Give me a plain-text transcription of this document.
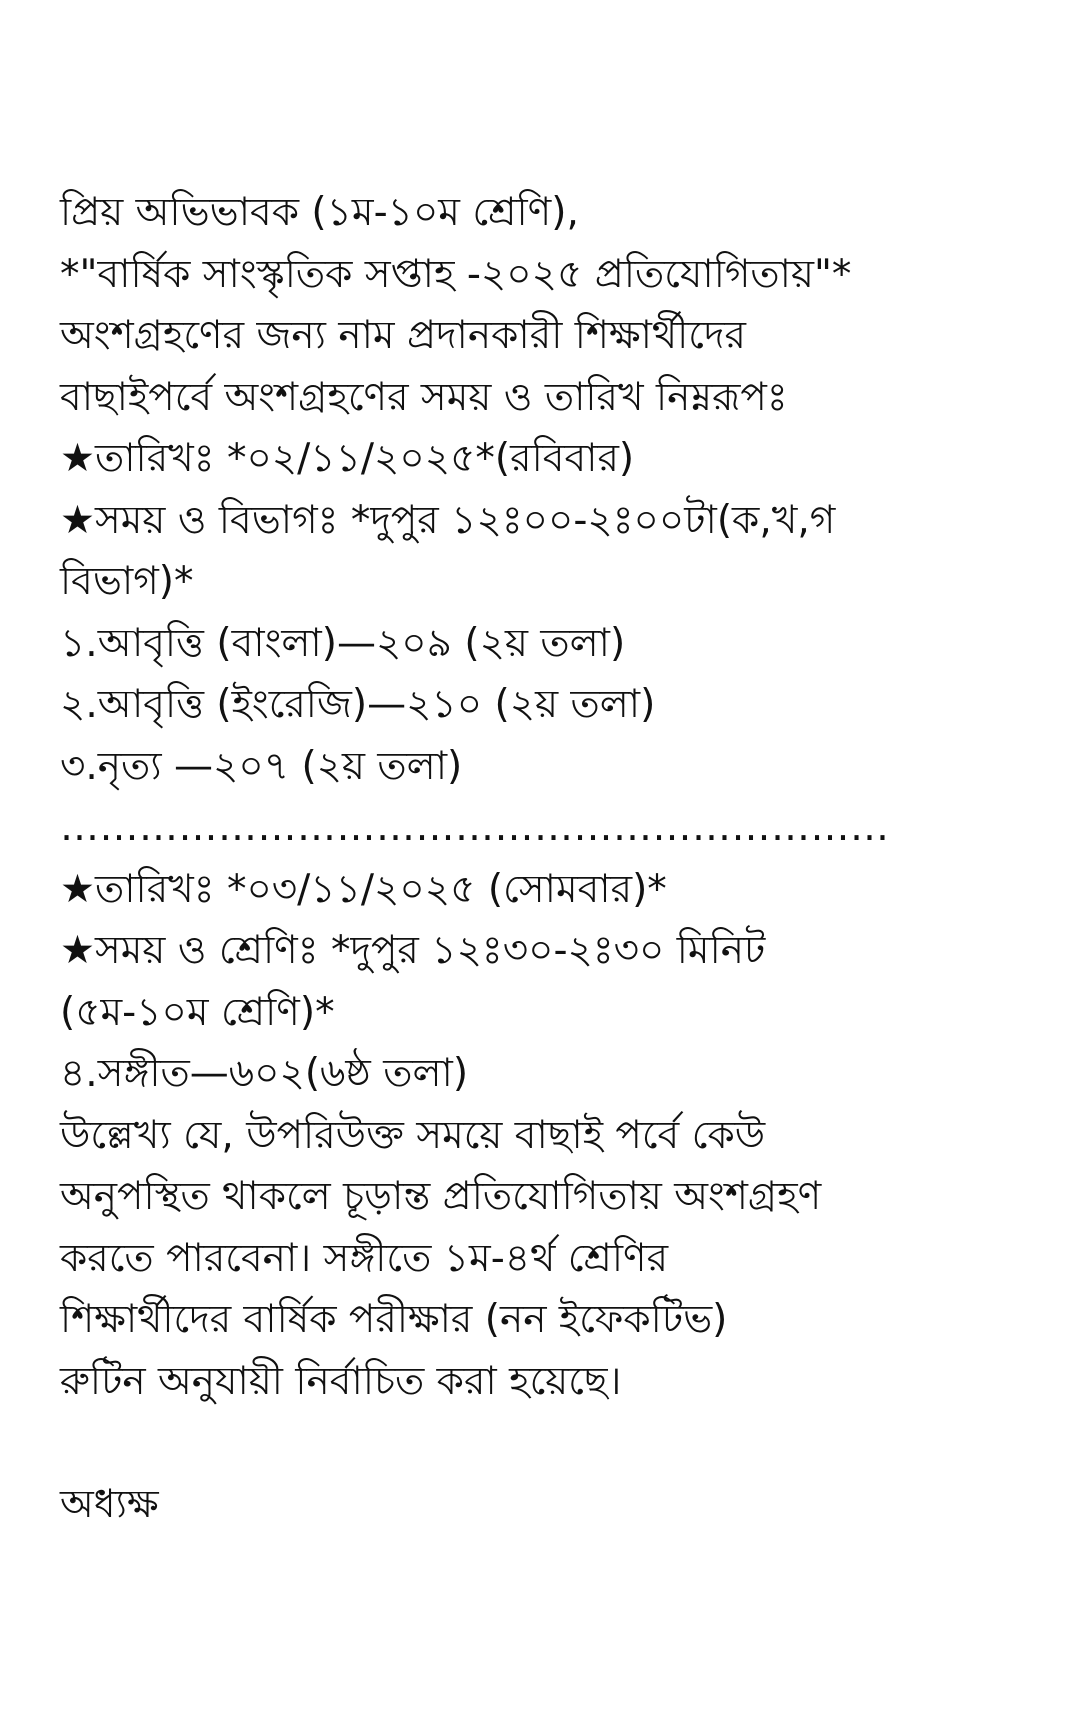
প্রিয় অভিভাবক (১ম-১০ম শ্রেণি),
*"বার্ষিক সাংস্কৃতিক সপ্তাহ -২০২৫ প্রতিযোগিতায়"*
অংশগ্রহণের জন্য নাম প্রদানকারী শিক্ষার্থীদের
বাছাইপর্বে অংশগ্রহণের সময় ও তারিখ নিম্নরূপঃ
★তারিখঃ *০২/১১/২০২৫*(রবিবার)
★সময় ও বিভাগঃ *দুপুর ১২ঃ০০-২ঃ০০টা(ক,খ,গ
বিভাগ)*
১.আবৃত্তি (বাংলা)—২০৯ (২য় তলা)
২.আবৃত্তি (ইংরেজি)—২১০ (২য় তলা)
৩.নৃত্য —২০৭ (২য় তলা)
………………………………………………………
★তারিখঃ *০৩/১১/২০২৫ (সোমবার)*
★সময় ও শ্রেণিঃ *দুপুর ১২ঃ৩০-২ঃ৩০ মিনিট
(৫ম-১০ম শ্রেণি)*
৪.সঙ্গীত—৬০২(৬ষ্ঠ তলা)
উল্লেখ্য যে, উপরিউক্ত সময়ে বাছাই পর্বে কেউ
অনুপস্থিত থাকলে চূড়ান্ত প্রতিযোগিতায় অংশগ্রহণ
করতে পারবেনা। সঙ্গীতে ১ম-৪র্থ শ্রেণির
শিক্ষার্থীদের বার্ষিক পরীক্ষার (নন ইফেকটিভ)
রুটিন অনুযায়ী নির্বাচিত করা হয়েছে।
অধ্যক্ষ
